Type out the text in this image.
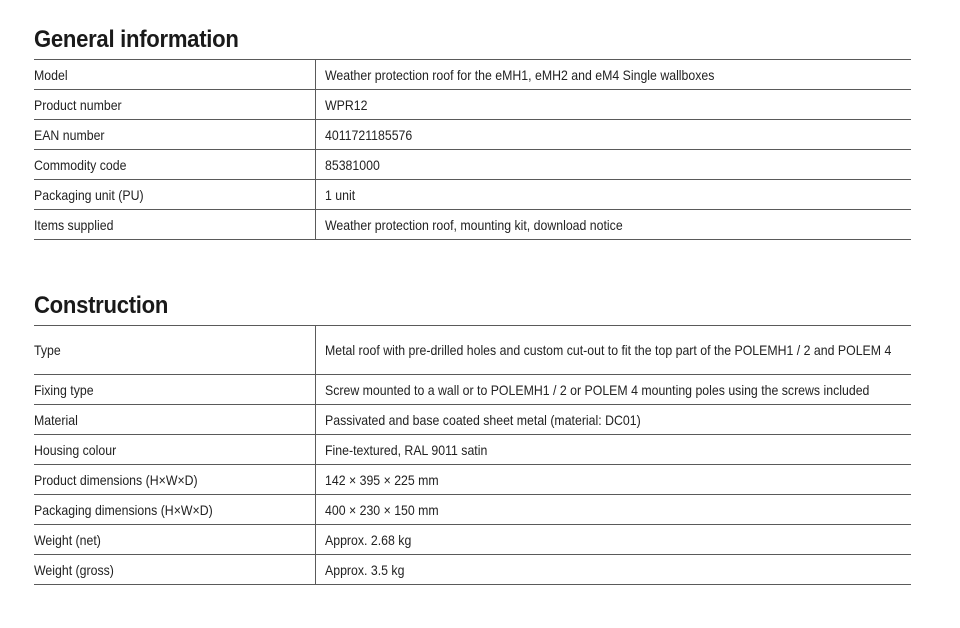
General information
Model	Weather protection roof for the eMH1, eMH2 and eM4 Single wallboxes
Product number	WPR12
EAN number	4011721185576
Commodity code	85381000
Packaging unit (PU)	1 unit
Items supplied	Weather protection roof, mounting kit, download notice
Construction
Type	Metal roof with pre-drilled holes and custom cut-out to fit the top part of the POLEMH1 / 2 and POLEM 4

Fixing type	Screw mounted to a wall or to POLEMH1 / 2 or POLEM 4 mounting poles using the screws included
Material	Passivated and base coated sheet metal (material: DC01)
Housing colour	Fine-textured, RAL 9011 satin
Product dimensions (H×W×D)	142 × 395 × 225 mm
Packaging dimensions (H×W×D)	400 × 230 × 150 mm
Weight (net)	Approx. 2.68 kg
Weight (gross)	Approx. 3.5 kg
